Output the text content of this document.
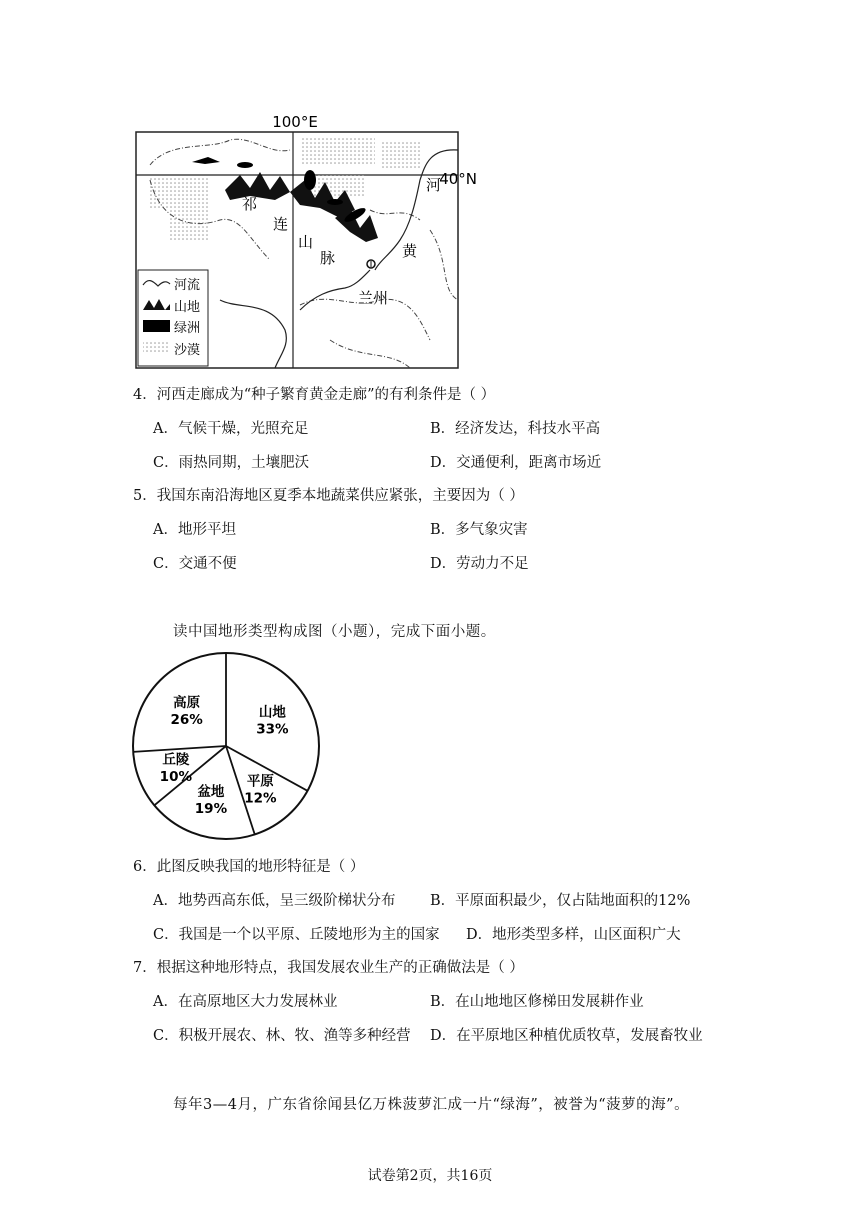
100°E
40°N
祁
连
山
脉
河
黄
兰州
河流
山地
绿洲
沙漠
4．河西走廊成为“种子繁育黄金走廊”的有利条件是（ ）
A．气候干燥，光照充足	B．经济发达，科技水平高
C．雨热同期，土壤肥沃	D．交通便利，距离市场近
5．我国东南沿海地区夏季本地蔬菜供应紧张，主要因为（ ）
A．地形平坦	B．多气象灾害
C．交通不便	D．劳动力不足
读中国地形类型构成图（小题），完成下面小题。
山地
33%
平原
12%
盆地
19%
丘陵
10%
高原
26%
6．此图反映我国的地形特征是（ ）
A．地势西高东低，呈三级阶梯状分布 B．平原面积最少，仅占陆地面积的12%
C．我国是一个以平原、丘陵地形为主的国家 D．地形类型多样，山区面积广大
7．根据这种地形特点，我国发展农业生产的正确做法是（ ）
A．在高原地区大力发展林业	B．在山地地区修梯田发展耕作业
C．积极开展农、林、牧、渔等多种经营 D．在平原地区种植优质牧草，发展畜牧业
每年3—4月，广东省徐闻县亿万株菠萝汇成一片“绿海”，被誉为“菠萝的海”。
试卷第2页，共16页
